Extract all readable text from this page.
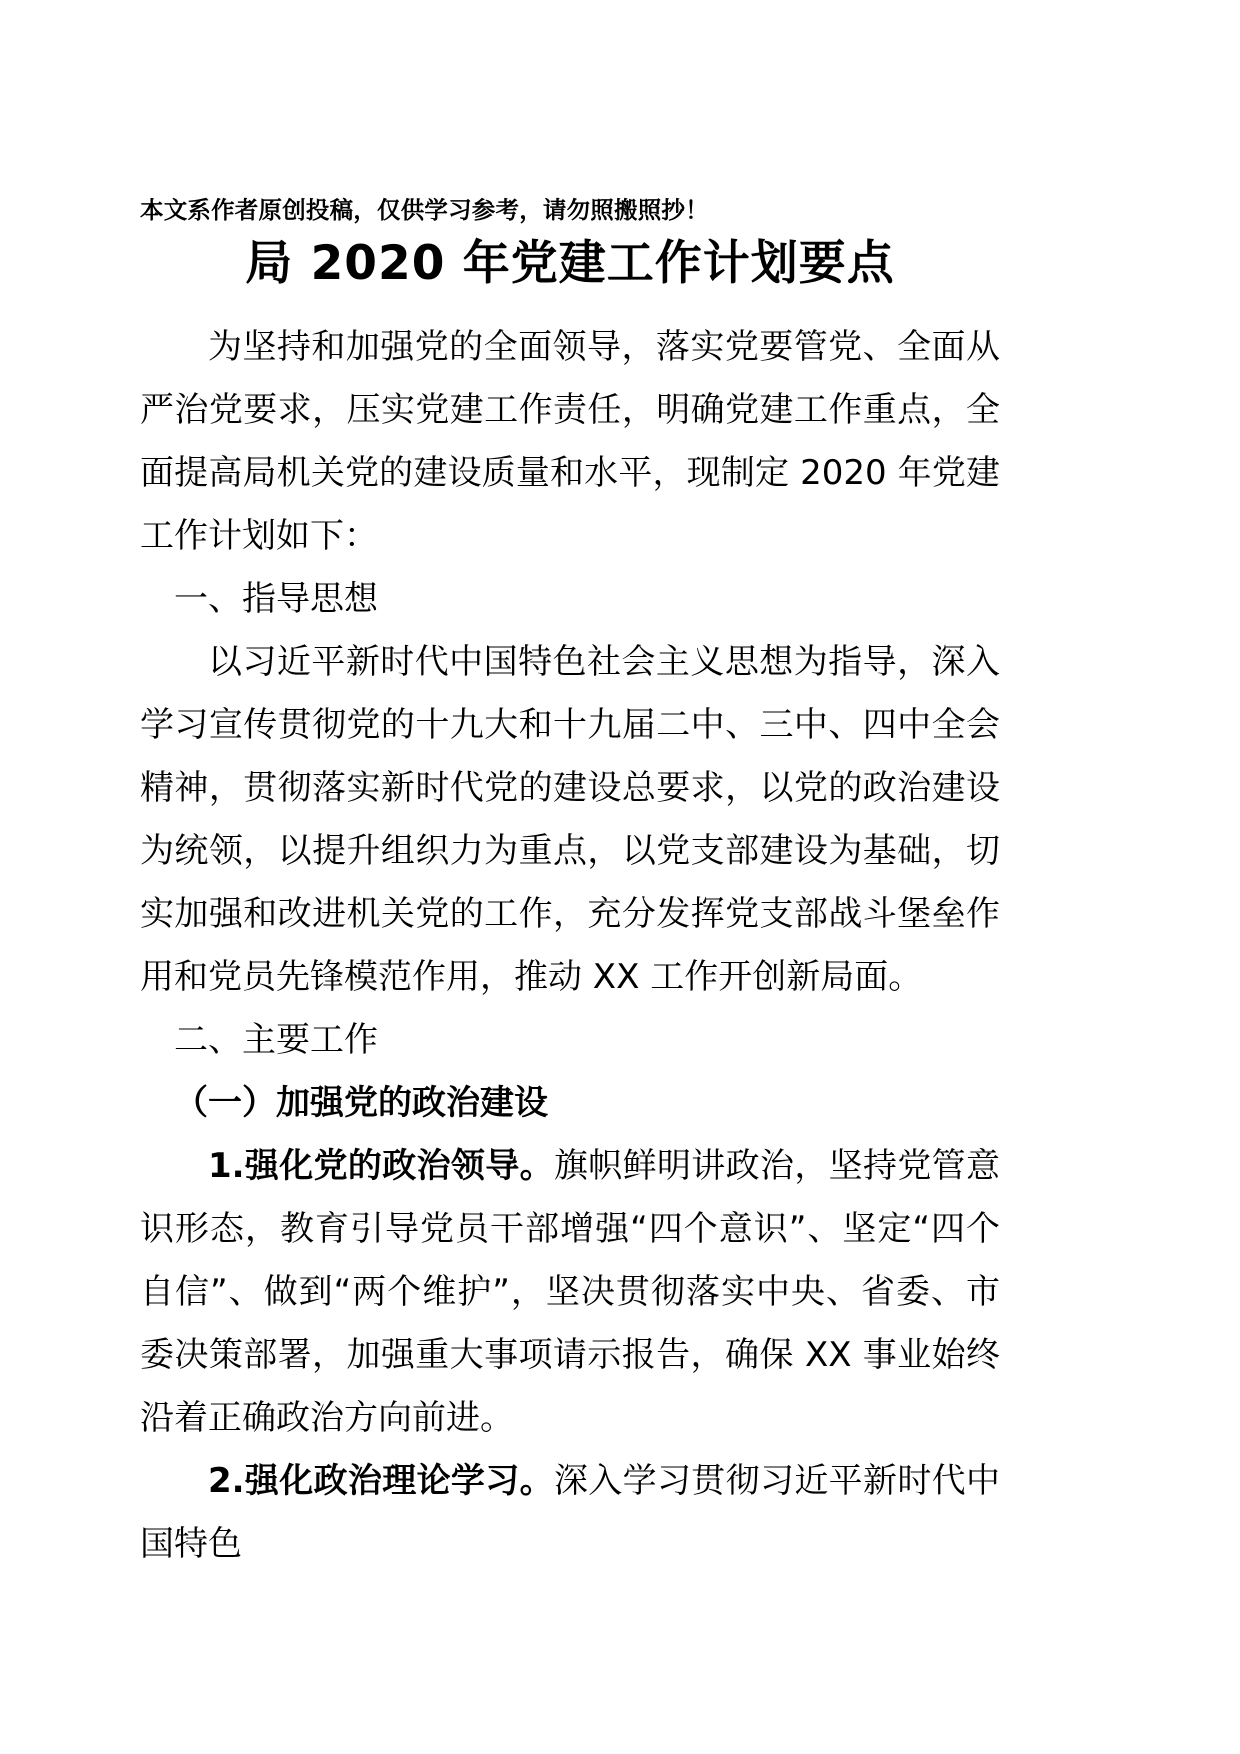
本文系作者原创投稿，仅供学习参考，请勿照搬照抄！
局 2020 年党建工作计划要点

为坚持和加强党的全面领导，落实党要管党、全面从严治党要求，压实党建工作责任，明确党建工作重点，全面提高局机关党的建设质量和水平，现制定 2020 年党建工作计划如下：

一、指导思想

以习近平新时代中国特色社会主义思想为指导，深入学习宣传贯彻党的十九大和十九届二中、三中、四中全会精神，贯彻落实新时代党的建设总要求，以党的政治建设为统领，以提升组织力为重点，以党支部建设为基础，切实加强和改进机关党的工作，充分发挥党支部战斗堡垒作用和党员先锋模范作用，推动 XX 工作开创新局面。

二、主要工作

（一）加强党的政治建设

1.强化党的政治领导。旗帜鲜明讲政治，坚持党管意识形态，教育引导党员干部增强“四个意识”、坚定“四个自信”、做到“两个维护”，坚决贯彻落实中央、省委、市委决策部署，加强重大事项请示报告，确保 XX 事业始终沿着正确政治方向前进。

2.强化政治理论学习。深入学习贯彻习近平新时代中国特色
